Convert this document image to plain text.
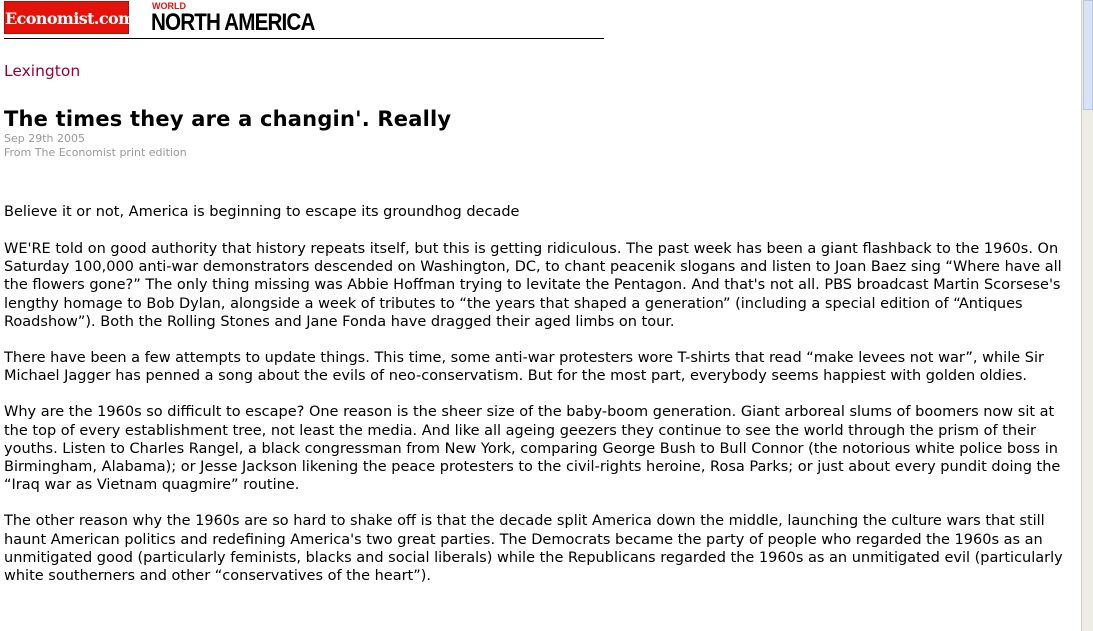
Economist.com
WORLD
NORTH AMERICA
Lexington
The times they are a changin'. Really
Sep 29th 2005
From The Economist print edition
Believe it or not, America is beginning to escape its groundhog decade

WE'RE told on good authority that history repeats itself, but this is getting ridiculous. The past week has been a giant flashback to the 1960s. On Saturday 100,000 anti-war demonstrators descended on Washington, DC, to chant peacenik slogans and listen to Joan Baez sing “Where have all the flowers gone?” The only thing missing was Abbie Hoffman trying to levitate the Pentagon. And that's not all. PBS broadcast Martin Scorsese's lengthy homage to Bob Dylan, alongside a week of tributes to “the years that shaped a generation” (including a special edition of “Antiques Roadshow”). Both the Rolling Stones and Jane Fonda have dragged their aged limbs on tour.

There have been a few attempts to update things. This time, some anti-war protesters wore T-shirts that read “make levees not war”, while Sir Michael Jagger has penned a song about the evils of neo-conservatism. But for the most part, everybody seems happiest with golden oldies.

Why are the 1960s so difficult to escape? One reason is the sheer size of the baby-boom generation. Giant arboreal slums of boomers now sit at the top of every establishment tree, not least the media. And like all ageing geezers they continue to see the world through the prism of their youths. Listen to Charles Rangel, a black congressman from New York, comparing George Bush to Bull Connor (the notorious white police boss in Birmingham, Alabama); or Jesse Jackson likening the peace protesters to the civil-rights heroine, Rosa Parks; or just about every pundit doing the “Iraq war as Vietnam quagmire” routine.

The other reason why the 1960s are so hard to shake off is that the decade split America down the middle, launching the culture wars that still haunt American politics and redefining America's two great parties. The Democrats became the party of people who regarded the 1960s as an unmitigated good (particularly feminists, blacks and social liberals) while the Republicans regarded the 1960s as an unmitigated evil (particularly white southerners and other “conservatives of the heart”).
